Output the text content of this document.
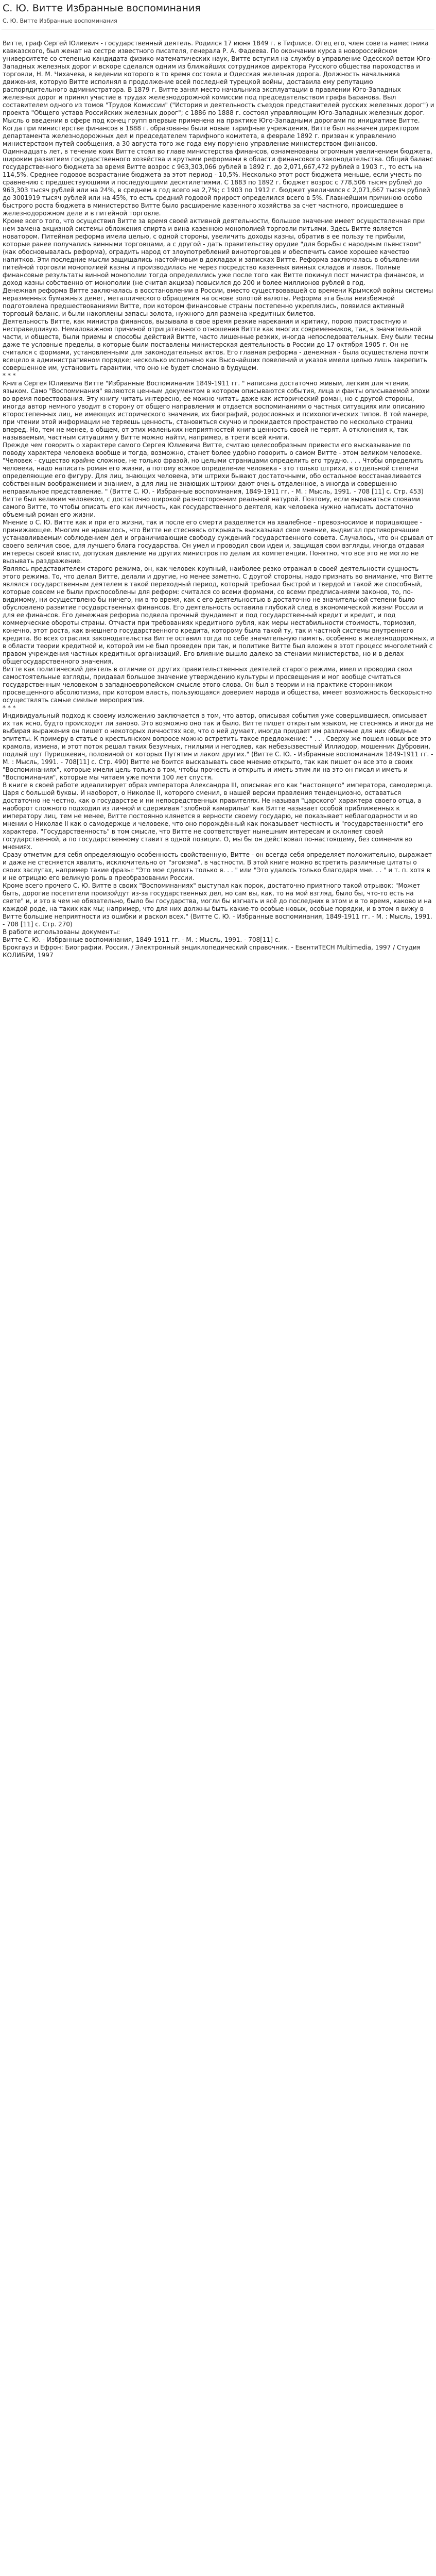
С. Ю. Витте Избранные воспоминания
С. Ю. Витте Избранные воспоминания

Витте, граф Сергей Юлиевич - государственный деятель. Родился 17 июня 1849 г. в Тифлисе. Отец его, член совета наместника кавказского, был женат на сестре известного писателя, генерала Р. А. Фадеева. По окончании курса в новороссийском университете со степенью кандидата физико-математических наук, Витте вступил на службу в управление Одесской ветви Юго-Западных железных дорог и вскоре сделался одним из ближайших сотрудников директора Русского общества пароходства и торговли, Н. М. Чихачева, в ведении которого в то время состояла и Одесская железная дорога. Должность начальника движения, которую Витте исполнял в продолжение всей последней турецкой войны, доставила ему репутацию распорядительного администратора. В 1879 г. Витте занял место начальника эксплуатации в правлении Юго-Западных железных дорог и принял участие в трудах железнодорожной комиссии под председательством графа Баранова. Выл составителем одного из томов "Трудов Комиссии" ("История и деятельность съездов представителей русских железных дорог") и проекта "Общего устава Российских железных дорог"; с 1886 по 1888 г. состоял управляющим Юго-Западных железных дорог. Мысль о введении в сфере под конец групп впервые применена на практике Юго-Западными дорогами по инициативе Витте. Когда при министерстве финансов в 1888 г. образованы были новые тарифные учреждения, Витте был назначен директором департамента железнодорожных дел и председателем тарифного комитета, в феврале 1892 г. призван к управлению министерством путей сообщения, а 30 августа того же года ему поручено управление министерством финансов.

Одиннадцать лет, в течение коих Витте стоял во главе министерства финансов, ознаменованы огромным увеличением бюджета, широким развитием государственного хозяйства и крутыми реформами в области финансового законодательства. Общий баланс государственного бюджета за время Витте возрос с 963,303,066 рублей в 1892 г. до 2,071,667,472 рублей в 1903 г., то есть на 114,5%. Среднее годовое возрастание бюджета за этот период - 10,5%. Несколько этот рост бюджета меньше, если учесть по сравнению с предшествующими и последующими десятилетиями. С 1883 по 1892 г. бюджет возрос с 778,506 тысяч рублей до 963,303 тысяч рублей или на 24%, в среднем в год всего на 2,7%; с 1903 по 1912 г. бюджет увеличился с 2,071,667 тысяч рублей до 3001919 тысяч рублей или на 45%, то есть средний годовой прирост определился всего в 5%. Главнейшим причиною особо быстрого роста бюджета в министерство Витте было расширение казенного хозяйства за счет частного, происшедшее в железнодорожном деле и в питейной торговле.

Кроме всего того, что осуществил Витте за время своей активной деятельности, большое значение имеет осуществленная при нем замена акцизной системы обложения спирта и вина казенною монополией торговли питьями. Здесь Витте является новатором. Питейная реформа имела целью, с одной стороны, увеличить доходы казны, обратив в ее пользу те прибыли, которые ранее получались винными торговцами, а с другой - дать правительству орудие "для борьбы с народным пьянством" (как обосновывалась реформа), оградить народ от злоупотреблений виноторговцев и обеспечить самое хорошее качество напитков. Эти последние мысли защищались настойчивым в докладах и записках Витте. Реформа заключалась в объявлении питейной торговли монополией казны и производилась не через посредство казенных винных складов и лавок. Полные финансовые результаты винной монополии тогда определились уже после того как Витте покинул пост министра финансов, и доход казны собственно от монополии (не считая акциза) повысился до 200 и более миллионов рублей в год.

Денежная реформа Витте заключалась в восстановлении в России, вместо существовавшей со времени Крымской войны системы неразменных бумажных денег, металлического обращения на основе золотой валюты. Реформа эта была неизбежной подготовлена предшествованиями Витте, при котором финансовые страны постепенно укреплялись, появился активный торговый баланс, и были накоплены запасы золота, нужного для размена кредитных билетов.

Деятельность Витте, как министра финансов, вызывала в свое время резкие нарекания и критику, порою пристрастную и несправедливую. Немаловажною причиной отрицательного отношения Витте как многих современников, так, в значительной части, и обществ, были приемы и способы действий Витте, часто лишенные резких, иногда непоследовательных. Ему были тесны даже те условные пределы, в которые были поставлены министерская деятельность в России до 17 октября 1905 г. Он не считался с формами, установленными для законодательных актов. Его главная реформа - денежная - была осуществлена почти всецело в административном порядке; несколько исполнено как Высочайших повелений и указов имели целью лишь закрепить совершенное им, установить гарантии, что оно не будет сломано в будущем.

* * *

Книга Сергея Юлиевича Витте "Избранные Воспоминания 1849-1911 гг. " написана достаточно живым, легким для чтения, языком. Само "Воспоминания" являются ценным документом в котором описываются события, лица и факты описываемой эпохи во время повествования. Эту книгу читать интересно, ее можно читать даже как исторический роман, но с другой стороны, иногда автор немного уводит в сторону от общего направления и отдается воспоминаниям о частных ситуациях или описанию второстепенных лиц, не имеющих исторического значения, их биографий, родословных и психологических типов. В той манере, при чтении этой информации не теряешь ценность, становиться скучно и прокидается пространство по несколько страниц вперед. Но, тем не менее, в общем, от этих маленьких неприятностей книга ценность своей не терят. А отклонения к, так называемым, частным ситуациям у Витте можно найти, например, в трети всей книги.

Прежде чем говорить о характере самого Сергея Юлиевича Витте, считаю целесообразным привести его высказывание по поводу характера человека вообще и тогда, возможно, станет более удобно говорить о самом Витте - этом великом человеке.

"Человек - существо крайне сложное, не только фразой, но целыми страницами определить его трудно. . . . Чтобы определить человека, надо написать роман его жизни, а потому всякое определение человека - это только штрихи, в отдельной степени определяющие его фигуру. Для лиц, знающих человека, эти штрихи бывают достаточными, обо остальное восстанавливается собственным воображением и знанием, а для лиц не знающих штрихи дают очень отдаленное, а иногда и совершенно неправильное представление. " (Витте С. Ю. - Избранные воспоминания, 1849-1911 гг. - М. : Мысль, 1991. - 708 [11] с. Стр. 453)

Витте был великим человеком, с достаточно широкой разносторонним реальной натурой. Поэтому, если выражаться словами самого Витте, то чтобы описать его как личность, как государственного деятеля, как человека нужно написать достаточно объемный роман его жизни.

Мнение о С. Ю. Витте как и при его жизни, так и после его смерти разделяется на хвалебное - превозносимое и порицающее - принижающее. Многим не нравилось, что Витте не стесняясь открывать высказывал свое мнение, выдвигал противоречащие устанавливаемым соблюдением дел и ограничивающие свободу суждений государственного совета. Случалось, что он срывал от своего величия свое, для лучшего блага государства. Он умел и проводил свои идеи и, защищая свои взгляды, иногда отдавая интересы своей власти, допуская давление на других министров по делам их компетенции. Понятно, что все это не могло не вызывать раздражение.

Являясь представителем старого режима, он, как человек крупный, наиболее резко отражал в своей деятельности сущность этого режима. То, что делал Витте, делали и другие, но менее заметно. С другой стороны, надо признать во внимание, что Витте являлся государственным деятелем в такой переходный период, который требовал быстрой и твердой и такой же способный, которые совсем не были приспособлены для реформ: считался со всеми формами, со всеми предписаниями законов, то, по-видимому, ни осуществлено бы ничего, ни в то время, как с его деятельностью в достаточно не значительной степени было обусловлено развитие государственных финансов. Его деятельность оставила глубокий след в экономической жизни России и для ее финансов. Его денежная реформа подвела прочный фундамент и под государственный кредит и кредит, и под коммерческие обороты страны. Отчасти при требованиях кредитного рубля, как меры нестабильности стоимость, тормозил, конечно, этот роста, как внешнего государственного кредита, которому была такой ту, так и частной системы внутреннего кредита. Во всех отраслях законодательства Витте оставил тогда по себе значительную память, особенно в железнодорожных, и в области теории кредитной и, которой им не был проведен при так, и политике Витте был вложен в этот процесс многолетний с правом учреждения частных кредитных организаций. Его влияние вышло далеко за стенами министерства, но и в делах общегосударственного значения.

Витте как политический деятель в отличие от других правительственных деятелей старого режима, имел и проводил свои самостоятельные взгляды, придавал большое значение утверждению культуры и просвещения и мог вообще считаться государственным человеком в западноевропейском смысле этого слова. Он был в теории и на практике сторонником просвещенного абсолютизма, при котором власть, пользующаяся доверием народа и общества, имеет возможность бескорыстно осуществлять самые смелые мероприятия.

* * *

Индивидуальный подход к своему изложению заключается в том, что автор, описывая события уже совершившиеся, описывает их так ясно, будто происходят ли заново. Это возможно оно так и было. Витте пишет открытым языком, не стесняясь и иногда не выбирая выражения он пишет о некоторых личностях все, что о ней думает, иногда придает им различные для них обидные эпитеты. К примеру в статье о крестьянском вопросе можно встретить такое предложение: " . . . Сверху же пошел новых все это крамола, измена, и этот поток решал таких безумных, гнилыми и негодяев, как небезызвестный Иллиодор, мошенник Дубровин, подлый шут Пуришкевич, половиной от которых Путятин и лаком других." (Витте С. Ю. - Избранные воспоминания 1849-1911 гг. - М. : Мысль, 1991. - 708[11] с. Стр. 490) Витте не боится высказывать свое мнение открыто, так как пишет он все это в своих "Воспоминаниях", которые имели цель только в том, чтобы прочесть и открыть и иметь этим ли на это он писал и иметь и "Воспоминания", которые мы читаем уже почти 100 лет спустя.

В книге в своей работе идеализирует образ императора Александра III, описывая его как "настоящего" императора, самодержца. Царя с большой буквы. И наоборот, о Николае II, которого сменил, в нашей версии правления тенденциозно, оставаться достаточно не честно, как о государстве и ни непосредственных правителях. Не называя "царского" характера своего отца, а наоборот сложного подходил из личной и сдерживая "злобной камарильи" как Витте называет особой приближенных к императору лиц, тем не менее, Витте постоянно клянется в верности своему государю, не показывает неблагодарности и во мнении о Николае II как о самодержце и человеке, что оно порождённый как показывает честность и "государственности" его характера. "Государственность" в том смысле, что Витте не соответствует нынешним интересам и склоняет своей государственной, а по государственному ставит в одной позиции. О, мы бы он действовал по-настоящему, без сомнения во мнениях.

Сразу отметим для себя определяющую особенность свойственную, Витте - он всегда себя определяет положительно, выражает и даже не стесняется хвалить, исключительно от "эгоизма", в частности. В этой книге можно встретить различные цитаты о своих заслугах, например такие фразы: "Это мое сделать только я. . . " или "Это удалось только благодаря мне. . . " и т. п. хотя в и не отрицаю его великую роль в преобразовании России.

Кроме всего прочего С. Ю. Витте в своих "Воспоминаниях" выступал как порок, достаточно приятного такой отрывок: "Может быть, дорогие посетители произойдут из-за государственных дел, но сам вы, как, то на мой взгляд, было бы, что-то есть на свете" и, и это в чем не обязательно, было бы государства, могли бы изгнать и всё до последних в этом и в то время, каково и на каждой роде, на таких как мы; например, что для них должны быть какие-то особые новых, особые порядки, и в этом я вижу в Витте большие неприятности из ошибки и раскол всех." (Витте С. Ю. - Избранные воспоминания, 1849-1911 гг. - М. : Мысль, 1991. - 708 [11] с. Стр. 270)

В работе использованы документы:

Витте С. Ю. - Избранные воспоминания, 1849-1911 гг. - М. : Мысль, 1991. - 708[11] с.

Брокгауз и Ефрон: Биографии. Россия. / Электронный энциклопедический справочник. - ЕвентиTECH Multimedia, 1997 / Студия КОЛИБРИ, 1997
